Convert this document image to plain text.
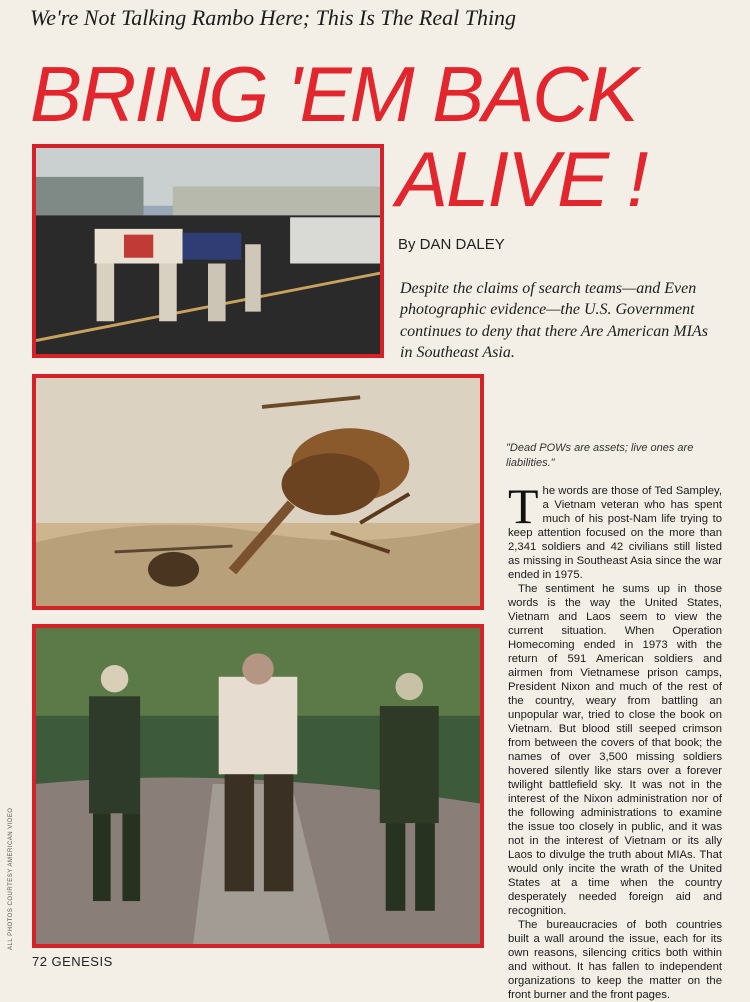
We're Not Talking Rambo Here; This Is The Real Thing
BRING 'EM BACK
ALIVE !
By DAN DALEY
Despite the claims of search teams—and Even photographic evidence—the U.S. Government continues to deny that there Are American MIAs in Southeast Asia.
"Dead POWs are assets; live ones are liabilities."

The words are those of Ted Sampley, a Vietnam veteran who has spent much of his post-Nam life trying to keep attention focused on the more than 2,341 soldiers and 42 civilians still listed as missing in Southeast Asia since the war ended in 1975.

The sentiment he sums up in those words is the way the United States, Vietnam and Laos seem to view the current situation. When Operation Homecoming ended in 1973 with the return of 591 American soldiers and airmen from Vietnamese prison camps, President Nixon and much of the rest of the country, weary from battling an unpopular war, tried to close the book on Vietnam. But blood still seeped crimson from between the covers of that book; the names of over 3,500 missing soldiers hovered silently like stars over a forever twilight battlefield sky. It was not in the interest of the Nixon administration nor of the following administrations to examine the issue too closely in public, and it was not in the interest of Vietnam or its ally Laos to divulge the truth about MIAs. That would only incite the wrath of the United States at a time when the country desperately needed foreign aid and recognition.

The bureaucracies of both countries built a wall around the issue, each for its own reasons, silencing critics both within and without. It has fallen to independent organizations to keep the matter on the front burner and the front pages.

ALL PHOTOS COURTESY AMERICAN VIDEO
72 GENESIS
